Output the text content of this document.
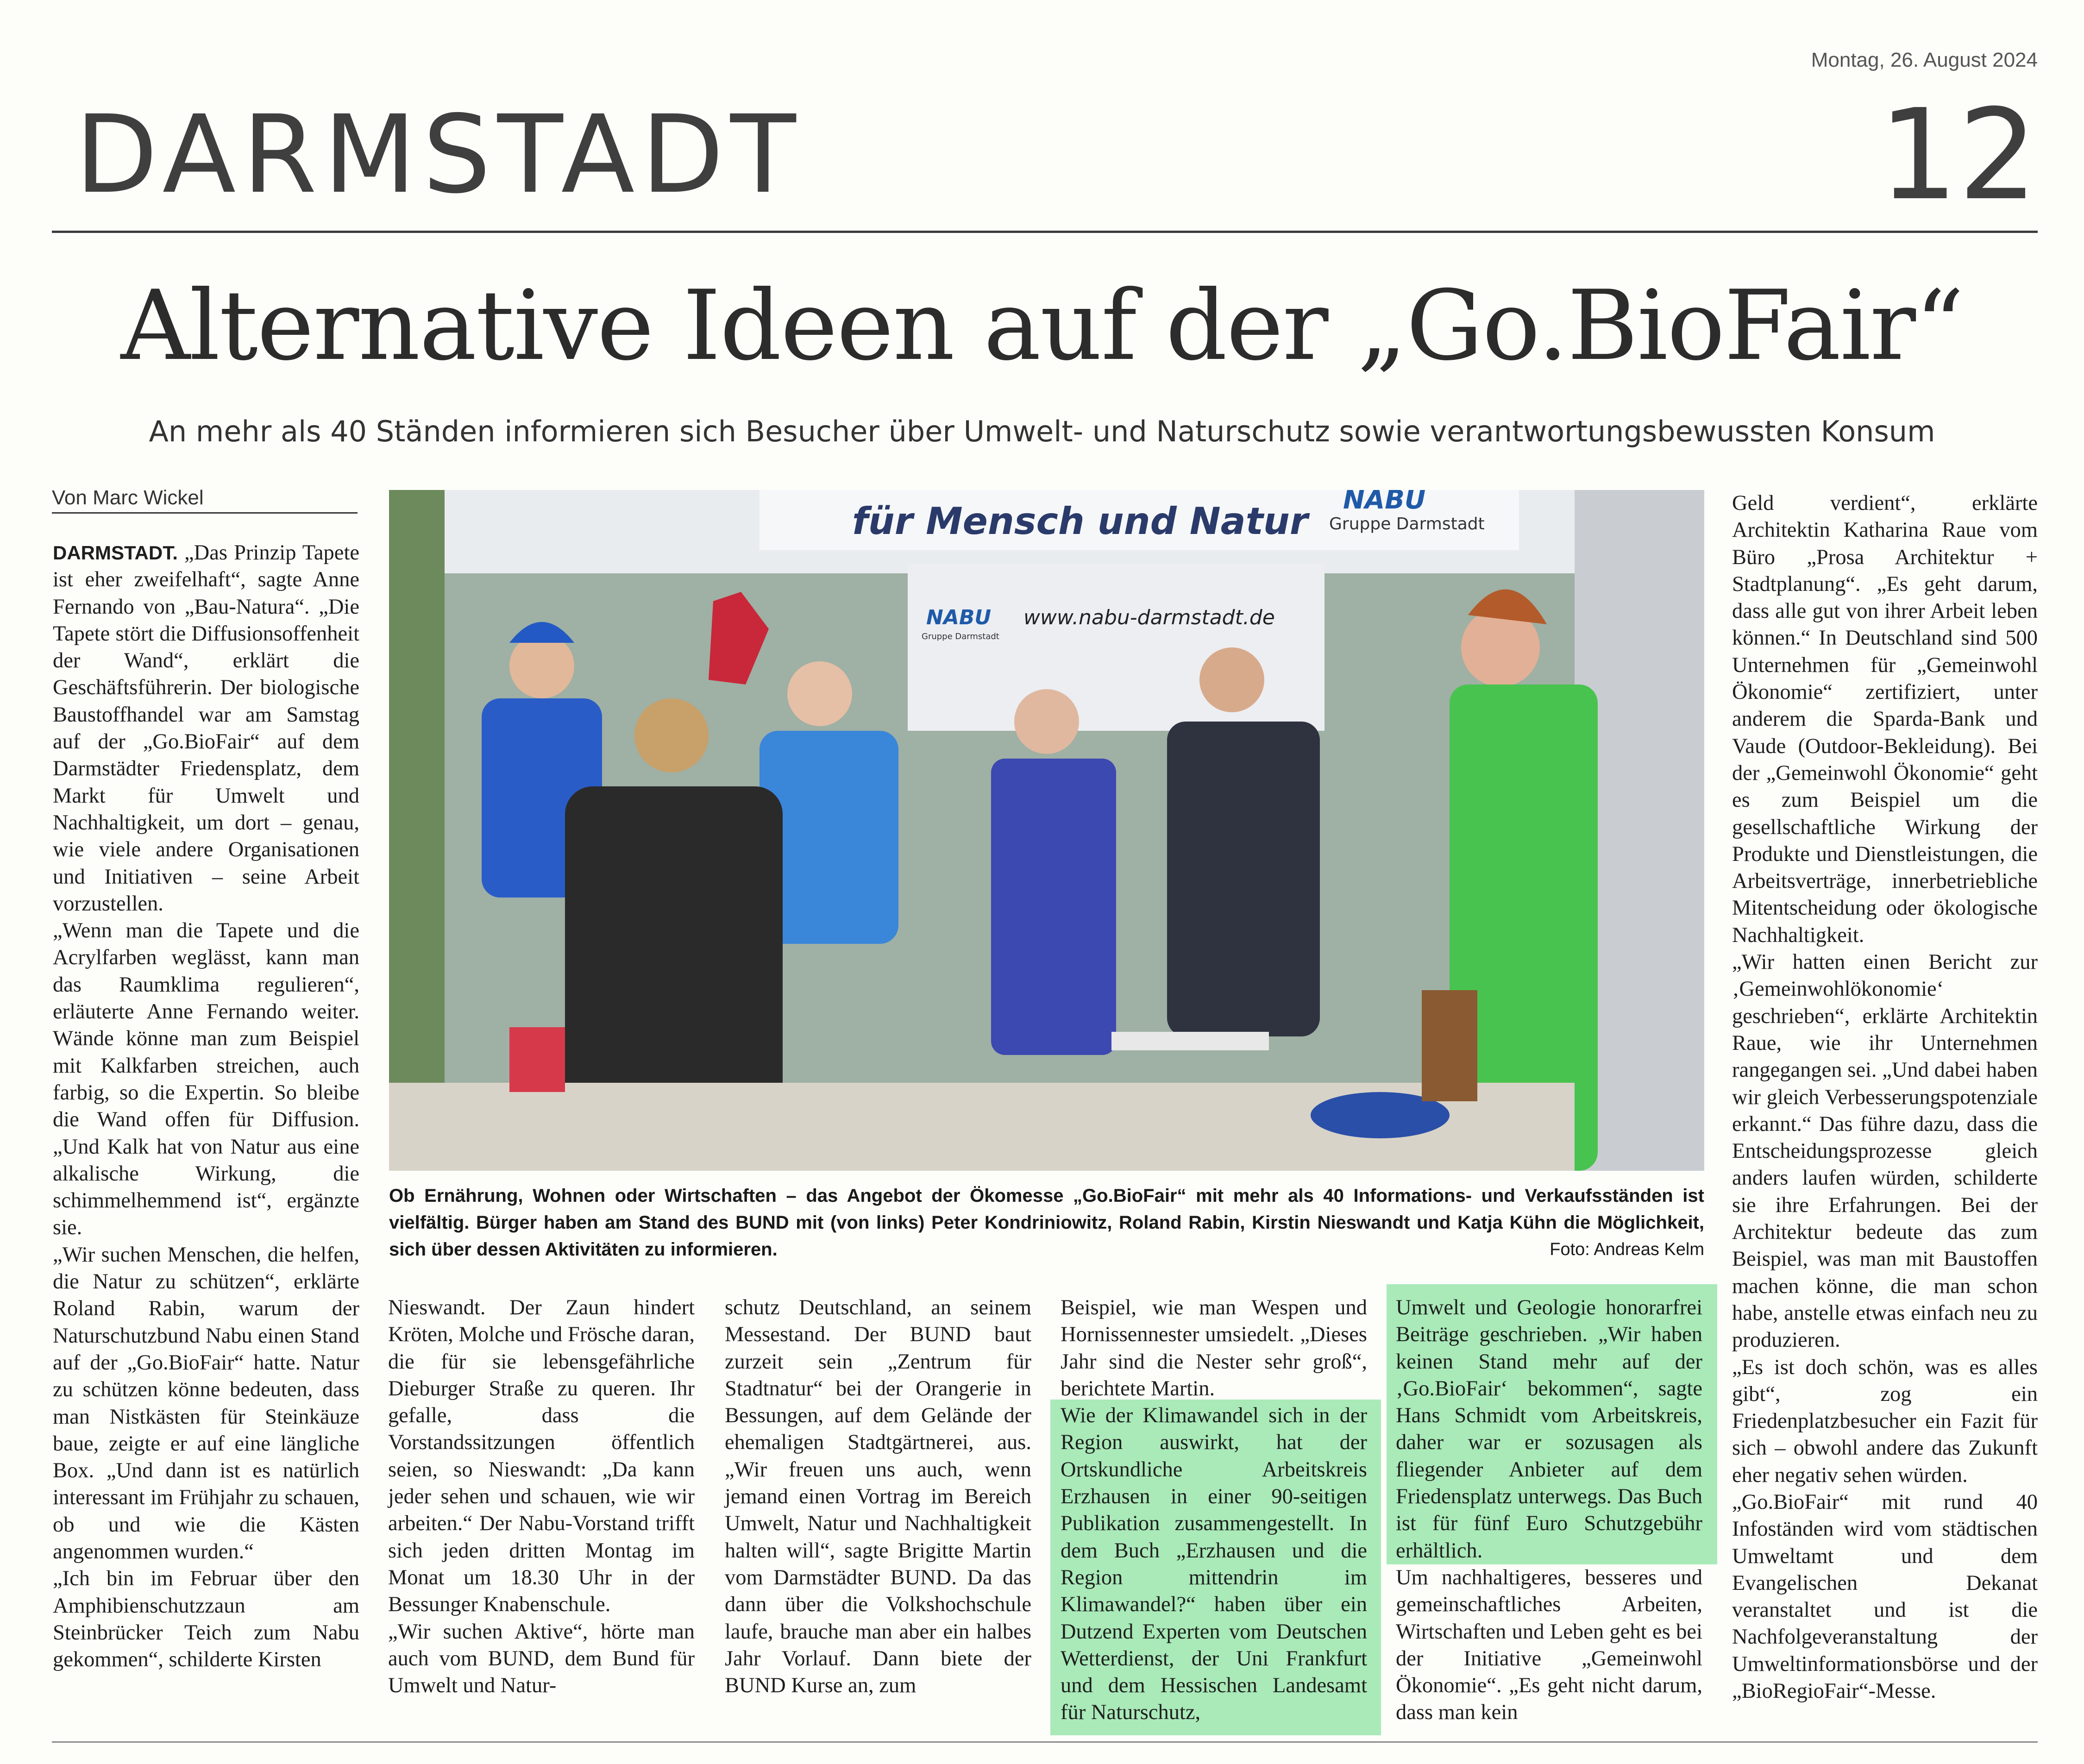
Montag, 26. August 2024
DARMSTADT	12
Alternative Ideen auf der „Go.BioFair“
An mehr als 40 Ständen informieren sich Besucher über Umwelt- und Naturschutz sowie verantwortungsbewussten Konsum
Von Marc Wickel

DARMSTADT. „Das Prinzip Tapete ist eher zweifelhaft“, sagte Anne Fernando von „Bau-Natura“. „Die Tapete stört die Diffusionsoffenheit der Wand“, erklärt die Geschäftsführerin. Der biologische Baustoffhandel war am Samstag auf der „Go.BioFair“ auf dem Darmstädter Friedensplatz, dem Markt für Umwelt und Nachhaltigkeit, um dort – genau, wie viele andere Organisationen und Initiativen – seine Arbeit vorzustellen.

„Wenn man die Tapete und die Acrylfarben weglässt, kann man das Raumklima regulieren“, erläuterte Anne Fernando weiter. Wände könne man zum Beispiel mit Kalkfarben streichen, auch farbig, so die Expertin. So bleibe die Wand offen für Diffusion. „Und Kalk hat von Natur aus eine alkalische Wirkung, die schimmelhemmend ist“, ergänzte sie.

„Wir suchen Menschen, die helfen, die Natur zu schützen“, erklärte Roland Rabin, warum der Naturschutzbund Nabu einen Stand auf der „Go.BioFair“ hatte. Natur zu schützen könne bedeuten, dass man Nistkästen für Steinkäuze baue, zeigte er auf eine längliche Box. „Und dann ist es natürlich interessant im Frühjahr zu schauen, ob und wie die Kästen angenommen wurden.“

„Ich bin im Februar über den Amphibienschutzzaun am Steinbrücker Teich zum Nabu gekommen“, schilderte Kirsten

für Mensch und Natur NABU
Gruppe Darmstadt
NABU
Gruppe Darmstadt
www.nabu-darmstadt.de
Ob Ernährung, Wohnen oder Wirtschaften – das Angebot der Ökomesse „Go.BioFair“ mit mehr als 40 Informations- und Verkaufsständen ist vielfältig. Bürger haben am Stand des BUND mit (von links) Peter Kondriniowitz, Roland Rabin, Kirstin Nieswandt und Katja Kühn die Möglichkeit, sich über dessen Aktivitäten zu informieren.	Foto: Andreas Kelm

Nieswandt. Der Zaun hindert Kröten, Molche und Frösche daran, die für sie lebensgefährliche Dieburger Straße zu queren. Ihr gefalle, dass die Vorstandssitzungen öffentlich seien, so Nieswandt: „Da kann jeder sehen und schauen, wie wir arbeiten.“ Der Nabu-Vorstand trifft sich jeden dritten Montag im Monat um 18.30 Uhr in der Bessunger Knabenschule.

„Wir suchen Aktive“, hörte man auch vom BUND, dem Bund für Umwelt und Natur-

schutz Deutschland, an seinem Messestand. Der BUND baut zurzeit sein „Zentrum für Stadtnatur“ bei der Orangerie in Bessungen, auf dem Gelände der ehemaligen Stadtgärtnerei, aus. „Wir freuen uns auch, wenn jemand einen Vortrag im Bereich Umwelt, Natur und Nachhaltigkeit halten will“, sagte Brigitte Martin vom Darmstädter BUND. Da das dann über die Volkshochschule laufe, brauche man aber ein halbes Jahr Vorlauf. Dann biete der BUND Kurse an, zum

Beispiel, wie man Wespen und Hornissennester umsiedelt. „Dieses Jahr sind die Nester sehr groß“, berichtete Martin.

Wie der Klimawandel sich in der Region auswirkt, hat der Ortskundliche Arbeitskreis Erzhausen in einer 90-seitigen Publikation zusammengestellt. In dem Buch „Erzhausen und die Region mittendrin im Klimawandel?“ haben über ein Dutzend Experten vom Deutschen Wetterdienst, der Uni Frankfurt und dem Hessischen Landesamt für Naturschutz,

Umwelt und Geologie honorarfrei Beiträge geschrieben. „Wir haben keinen Stand mehr auf der ‚Go.BioFair‘ bekommen“, sagte Hans Schmidt vom Arbeitskreis, daher war er sozusagen als fliegender Anbieter auf dem Friedensplatz unterwegs. Das Buch ist für fünf Euro Schutzgebühr erhältlich.

Um nachhaltigeres, besseres und gemeinschaftliches Arbeiten, Wirtschaften und Leben geht es bei der Initiative „Gemeinwohl Ökonomie“. „Es geht nicht darum, dass man kein

Geld verdient“, erklärte Architektin Katharina Raue vom Büro „Prosa Architektur + Stadtplanung“. „Es geht darum, dass alle gut von ihrer Arbeit leben können.“ In Deutschland sind 500 Unternehmen für „Gemeinwohl Ökonomie“ zertifiziert, unter anderem die Sparda-Bank und Vaude (Outdoor-Bekleidung). Bei der „Gemeinwohl Ökonomie“ geht es zum Beispiel um die gesellschaftliche Wirkung der Produkte und Dienstleistungen, die Arbeitsverträge, innerbetriebliche Mitentscheidung oder ökologische Nachhaltigkeit.

„Wir hatten einen Bericht zur ‚Gemeinwohlökonomie‘ geschrieben“, erklärte Architektin Raue, wie ihr Unternehmen rangegangen sei. „Und dabei haben wir gleich Verbesserungspotenziale erkannt.“ Das führe dazu, dass die Entscheidungsprozesse gleich anders laufen würden, schilderte sie ihre Erfahrungen. Bei der Architektur bedeute das zum Beispiel, was man mit Baustoffen machen könne, die man schon habe, anstelle etwas einfach neu zu produzieren.

„Es ist doch schön, was es alles gibt“, zog ein Friedenplatzbesucher ein Fazit für sich – obwohl andere das Zukunft eher negativ sehen würden.

„Go.BioFair“ mit rund 40 Infoständen wird vom städtischen Umweltamt und dem Evangelischen Dekanat veranstaltet und ist die Nachfolgeveranstaltung der Umweltinformationsbörse und der „BioRegioFair“-Messe.
